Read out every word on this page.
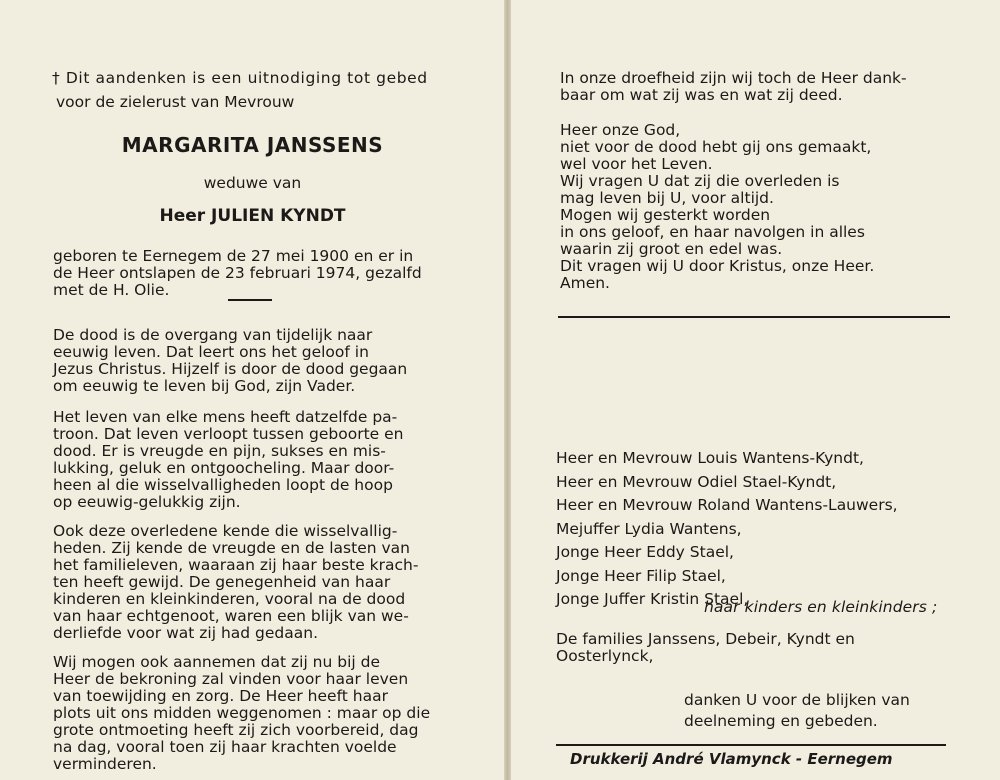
† Dit aandenken is een uitnodiging tot gebed
voor de zielerust van Mevrouw
MARGARITA JANSSENS
weduwe van
Heer JULIEN KYNDT
geboren te Eernegem de 27 mei 1900 en er in
de Heer ontslapen de 23 februari 1974, gezalfd
met de H. Olie.
De dood is de overgang van tijdelijk naar
eeuwig leven. Dat leert ons het geloof in
Jezus Christus. Hijzelf is door de dood gegaan
om eeuwig te leven bij God, zijn Vader.
Het leven van elke mens heeft datzelfde pa-
troon. Dat leven verloopt tussen geboorte en
dood. Er is vreugde en pijn, sukses en mis-
lukking, geluk en ontgoocheling. Maar door-
heen al die wisselvalligheden loopt de hoop
op eeuwig-gelukkig zijn.
Ook deze overledene kende die wisselvallig-
heden. Zij kende de vreugde en de lasten van
het familieleven, waaraan zij haar beste krach-
ten heeft gewijd. De genegenheid van haar
kinderen en kleinkinderen, vooral na de dood
van haar echtgenoot, waren een blijk van we-
derliefde voor wat zij had gedaan.
Wij mogen ook aannemen dat zij nu bij de
Heer de bekroning zal vinden voor haar leven
van toewijding en zorg. De Heer heeft haar
plots uit ons midden weggenomen : maar op die
grote ontmoeting heeft zij zich voorbereid, dag
na dag, vooral toen zij haar krachten voelde
verminderen.
In onze droefheid zijn wij toch de Heer dank-
baar om wat zij was en wat zij deed.
Heer onze God,
niet voor de dood hebt gij ons gemaakt,
wel voor het Leven.
Wij vragen U dat zij die overleden is
mag leven bij U, voor altijd.
Mogen wij gesterkt worden
in ons geloof, en haar navolgen in alles
waarin zij groot en edel was.
Dit vragen wij U door Kristus, onze Heer.
Amen.
Heer en Mevrouw Louis Wantens-Kyndt,
Heer en Mevrouw Odiel Stael-Kyndt,
Heer en Mevrouw Roland Wantens-Lauwers,
Mejuffer Lydia Wantens,
Jonge Heer Eddy Stael,
Jonge Heer Filip Stael,
Jonge Juffer Kristin Stael,
haar kinders en kleinkinders ;
De families Janssens, Debeir, Kyndt en
Oosterlynck,
danken U voor de blijken van
deelneming en gebeden.
Drukkerij André Vlamynck - Eernegem
